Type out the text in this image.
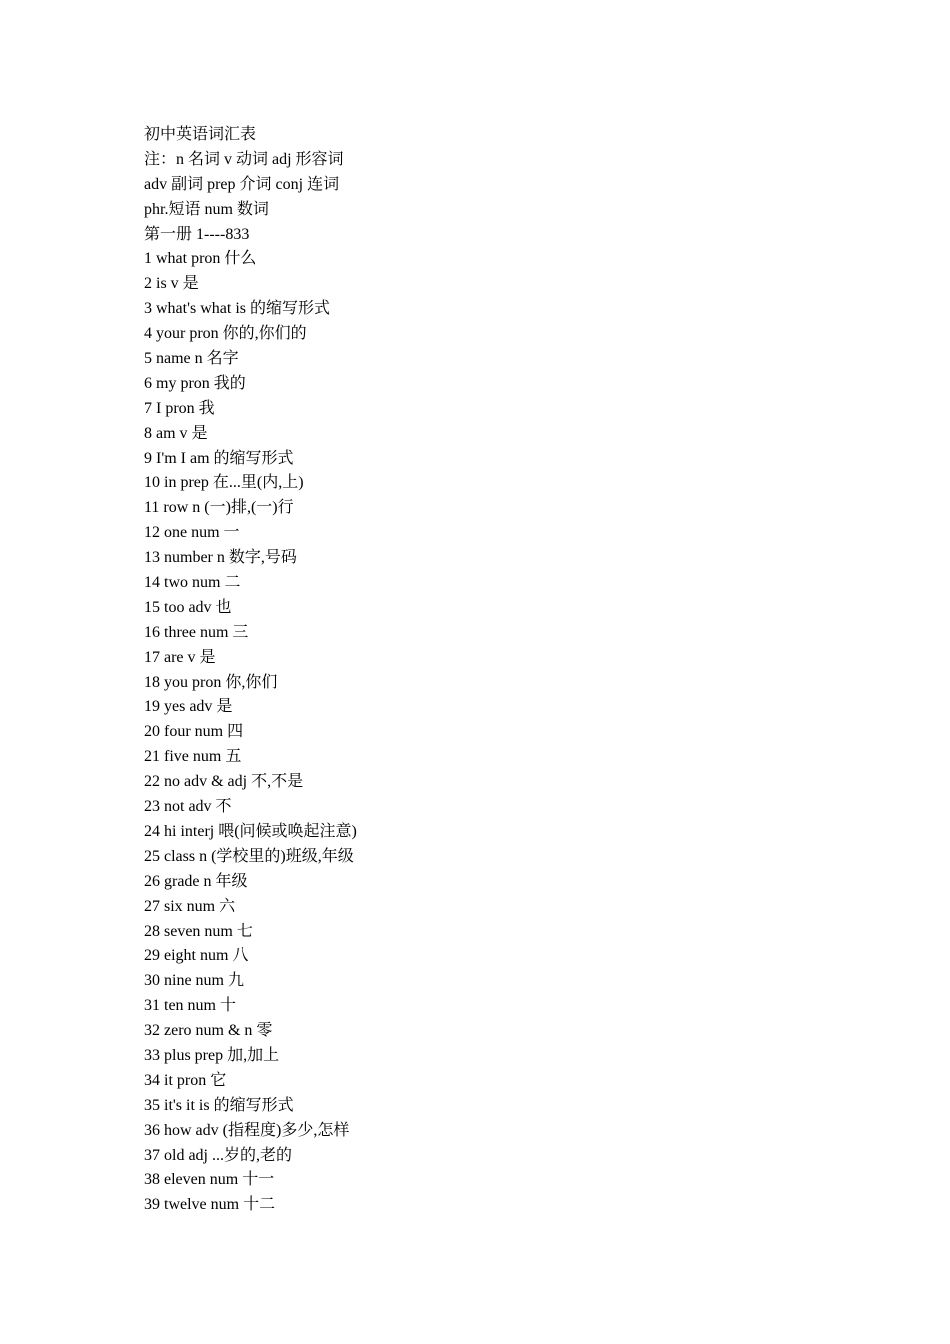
初中英语词汇表
注：n 名词 v 动词 adj 形容词
adv 副词 prep 介词 conj 连词
phr.短语 num 数词
第一册 1----833
1 what pron 什么
2 is v 是
3 what's what is 的缩写形式
4 your pron 你的,你们的
5 name n 名字
6 my pron 我的
7 I pron 我
8 am v 是
9 I'm I am 的缩写形式
10 in prep 在...里(内,上)
11 row n (一)排,(一)行
12 one num 一
13 number n 数字,号码
14 two num 二
15 too adv 也
16 three num 三
17 are v 是
18 you pron 你,你们
19 yes adv 是
20 four num 四
21 five num 五
22 no adv & adj 不,不是
23 not adv 不
24 hi interj 喂(问候或唤起注意)
25 class n (学校里的)班级,年级
26 grade n 年级
27 six num 六
28 seven num 七
29 eight num 八
30 nine num 九
31 ten num 十
32 zero num & n 零
33 plus prep 加,加上
34 it pron 它
35 it's it is 的缩写形式
36 how adv (指程度)多少,怎样
37 old adj ...岁的,老的
38 eleven num 十一
39 twelve num 十二
